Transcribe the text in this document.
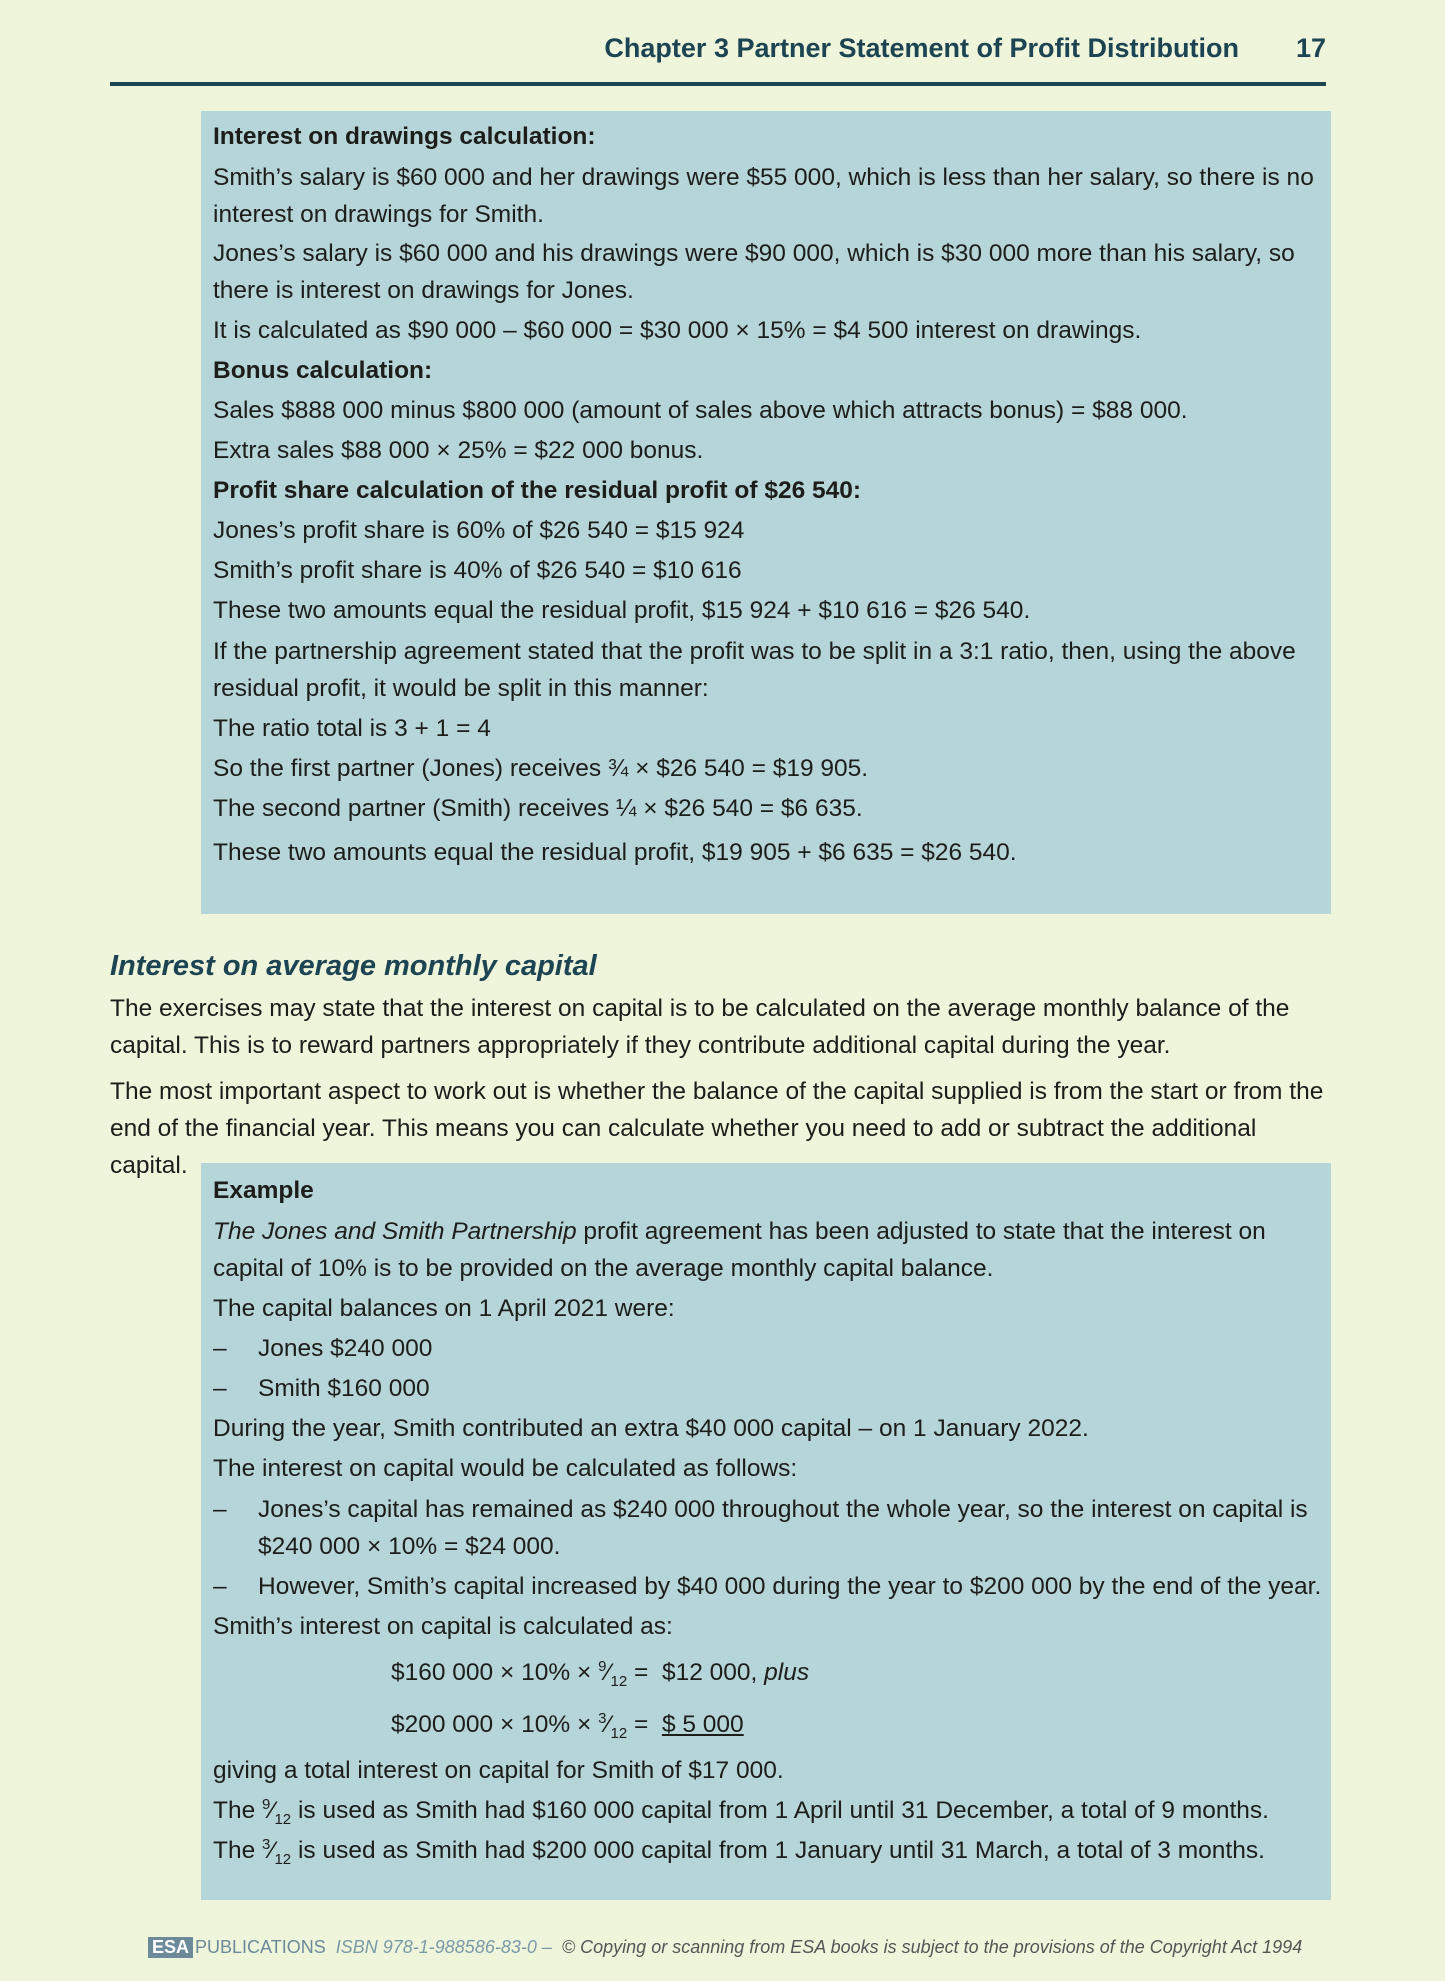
Chapter 3 Partner Statement of Profit Distribution 17
Interest on drawings calculation:
Smith’s salary is $60 000 and her drawings were $55 000, which is less than her salary, so there is no interest on drawings for Smith.
Jones’s salary is $60 000 and his drawings were $90 000, which is $30 000 more than his salary, so there is interest on drawings for Jones.
It is calculated as $90 000 – $60 000 = $30 000 × 15% = $4 500 interest on drawings.
Bonus calculation:
Sales $888 000 minus $800 000 (amount of sales above which attracts bonus) = $88 000.
Extra sales $88 000 × 25% = $22 000 bonus.
Profit share calculation of the residual profit of $26 540:
Jones’s profit share is 60% of $26 540 = $15 924
Smith’s profit share is 40% of $26 540 = $10 616
These two amounts equal the residual profit, $15 924 + $10 616 = $26 540.
If the partnership agreement stated that the profit was to be split in a 3:1 ratio, then, using the above residual profit, it would be split in this manner:
The ratio total is 3 + 1 = 4
So the first partner (Jones) receives ¾ × $26 540 = $19 905.
The second partner (Smith) receives ¼ × $26 540 = $6 635.
These two amounts equal the residual profit, $19 905 + $6 635 = $26 540.
Interest on average monthly capital
The exercises may state that the interest on capital is to be calculated on the average monthly balance of the capital. This is to reward partners appropriately if they contribute additional capital during the year.
The most important aspect to work out is whether the balance of the capital supplied is from the start or from the end of the financial year. This means you can calculate whether you need to add or subtract the additional capital.
Example
The Jones and Smith Partnership profit agreement has been adjusted to state that the interest on capital of 10% is to be provided on the average monthly capital balance.
The capital balances on 1 April 2021 were:
– Jones $240 000
– Smith $160 000
During the year, Smith contributed an extra $40 000 capital – on 1 January 2022.
The interest on capital would be calculated as follows:
– Jones’s capital has remained as $240 000 throughout the whole year, so the interest on capital is $240 000 × 10% = $24 000.
– However, Smith’s capital increased by $40 000 during the year to $200 000 by the end of the year.
Smith’s interest on capital is calculated as:
$160 $000 \times 10\% \times ^9⁄_{12}$ =  $12 000, plus
$200 $000 \times 10\% \times ^3⁄_{12}$ =  $ 5 000
giving a total interest on capital for Smith of $17 000.
The $^9⁄_{12}$ is used as Smith had $160 000 capital from 1 April until 31 December, a total of 9 months.
The $^3⁄_{12}$ is used as Smith had $200 000 capital from 1 January until 31 March, a total of 3 months.
ESA PUBLICATIONS ISBN 978-1-988586-83-0 – © Copying or scanning from ESA books is subject to the provisions of the Copyright Act 1994
